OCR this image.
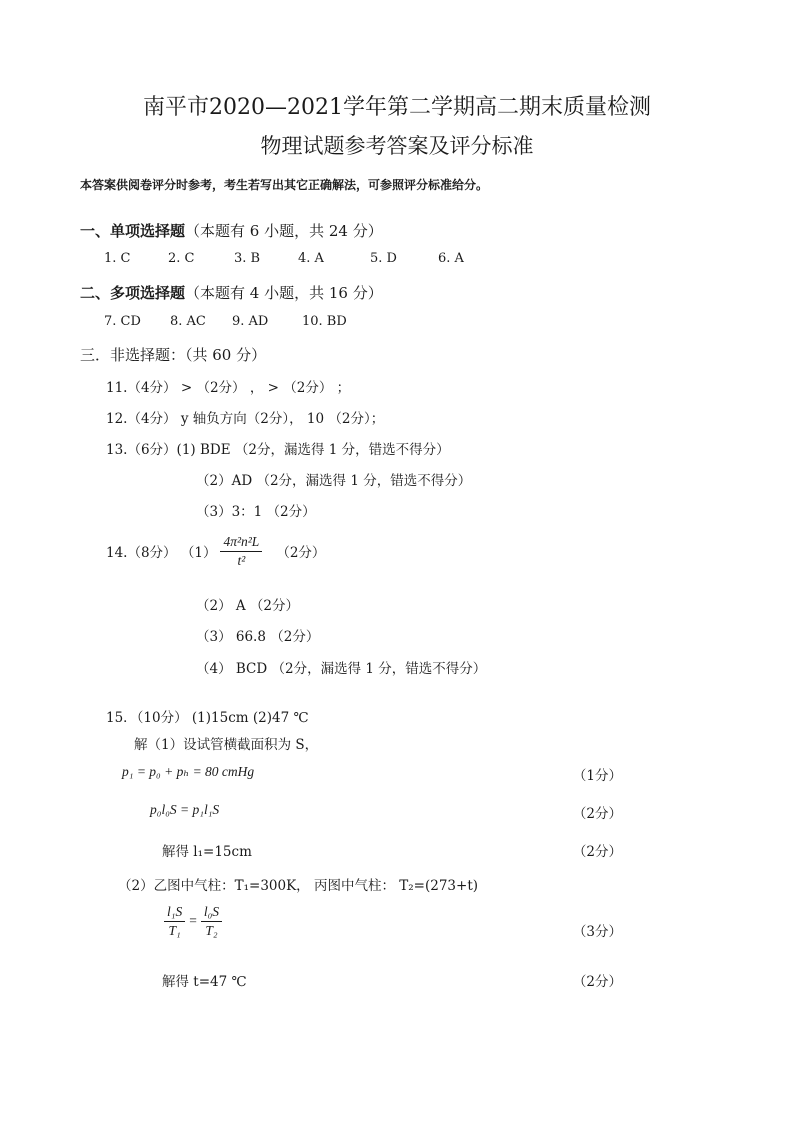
南平市2020—2021学年第二学期高二期末质量检测
物理试题参考答案及评分标准
本答案供阅卷评分时参考，考生若写出其它正确解法，可参照评分标准给分。
一、单项选择题（本题有 6 小题，共 24 分）
1. C	2. C	3. B	4. A	5. D	6. A
二、多项选择题（本题有 4 小题，共 16 分）
7. CD 8. AC 9. AD	10. BD
三．非选择题：（共 60 分）
11.（4分） > （2分） ， > （2分） ；
12.（4分） y 轴负方向（2分）， 10 （2分）；
13.（6分）(1) BDE （2分，漏选得 1 分，错选不得分）
（2）AD （2分，漏选得 1 分，错选不得分）
（3）3：1 （2分）
14.（8分） $(1) \frac{\text{4π²n²L}}{\text{t²}} (2$分）
（2） A （2分）
（3） 66.8 （2分）
（4） BCD （2分，漏选得 1 分，错选不得分）
15．（10分） (1)15cm (2)47 ℃
解（1）设试管横截面积为 S，
p₁ = p₀ + pₕ = 80 cmHg	（1分）
p₀l₀S = p₁l₁S	（2分）
解得 l₁=15cm	（2分）
（2）乙图中气柱：T₁=300K， 丙图中气柱： T₂=(273+t)
$\frac{\text{l₁S}}{\text{T₁}} = \frac{\text{l₀S}}{\text{T₂}}$	（3分）
解得 t=47 ℃	（2分）
